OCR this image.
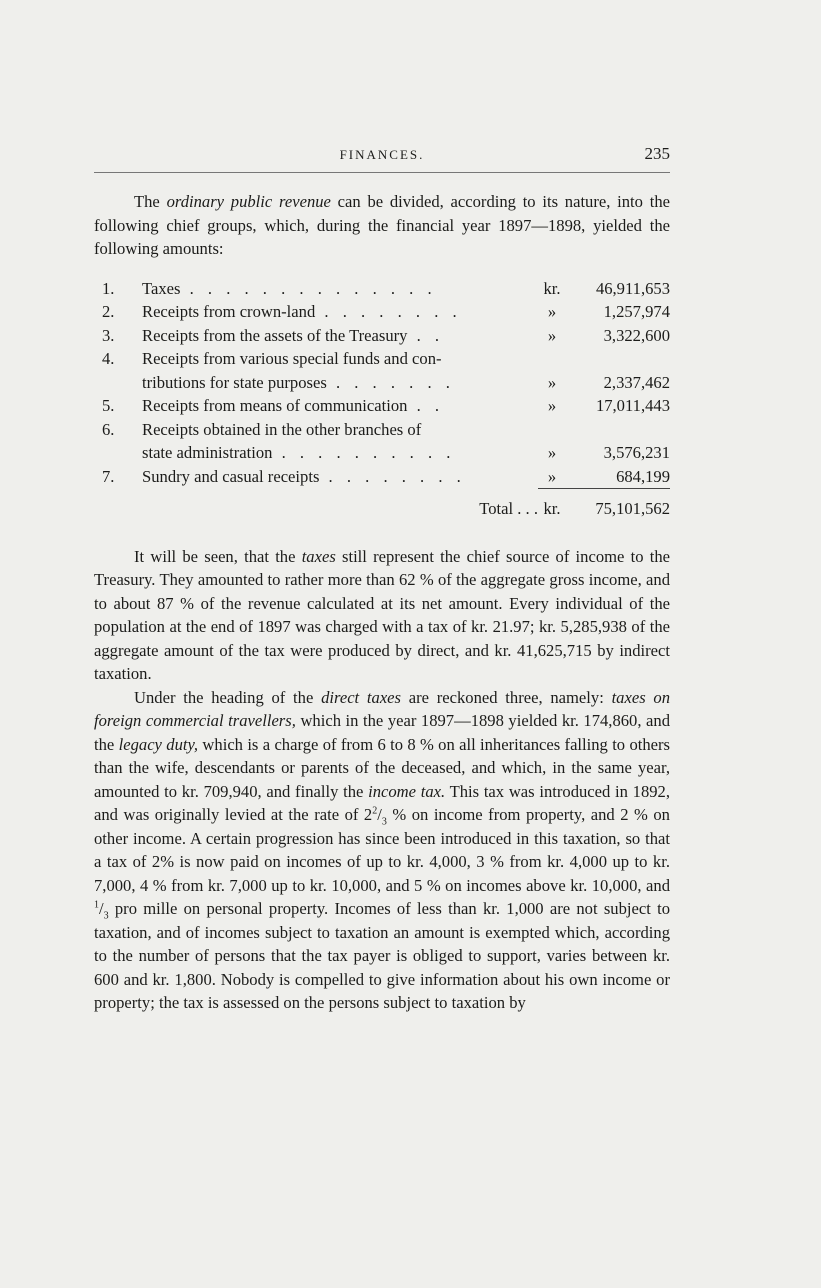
FINANCES.	235

The ordinary public revenue can be divided, according to its nature, into the following chief groups, which, during the financial year 1897—1898, yielded the following amounts:

1.	Taxes . . . . . . . . . . . . . .	kr.	46,911,653
2.	Receipts from crown-land . . . . . . . .	»	1,257,974
3.	Receipts from the assets of the Treasury . .	»	3,322,600
4.	Receipts from various special funds and con-
tributions for state purposes . . . . . . .	»	2,337,462
5.	Receipts from means of communication . .	»	17,011,443
6.	Receipts obtained in the other branches of
state administration . . . . . . . . . .	»	3,576,231
7.	Sundry and casual receipts . . . . . . . .	»	684,199

	Total . . .	kr.	75,101,562

It will be seen, that the taxes still represent the chief source of income to the Treasury. They amounted to rather more than 62 % of the aggregate gross income, and to about 87 % of the revenue calculated at its net amount. Every individual of the population at the end of 1897 was charged with a tax of kr. 21.97; kr. 5,285,938 of the aggregate amount of the tax were produced by direct, and kr. 41,625,715 by indirect taxation.

Under the heading of the direct taxes are reckoned three, namely: taxes on foreign commercial travellers, which in the year 1897—1898 yielded kr. 174,860, and the legacy duty, which is a charge of from 6 to 8 % on all inheritances falling to others than the wife, descendants or parents of the deceased, and which, in the same year, amounted to kr. 709,940, and finally the income tax. This tax was introduced in 1892, and was originally levied at the rate of $2^2/_3$ % on income from property, and 2 % on other income. A certain progression has since been introduced in this taxation, so that a tax of 2% is now paid on incomes of up to kr. 4,000, 3 % from kr. 4,000 up to kr. 7,000, 4 % from kr. 7,000 up to kr. 10,000, and 5 % on incomes above kr. 10,000, and $^1/_3$ pro mille on personal property. Incomes of less than kr. 1,000 are not subject to taxation, and of incomes subject to taxation an amount is exempted which, according to the number of persons that the tax payer is obliged to support, varies between kr. 600 and kr. 1,800. Nobody is compelled to give information about his own income or property; the tax is assessed on the persons subject to taxation by
